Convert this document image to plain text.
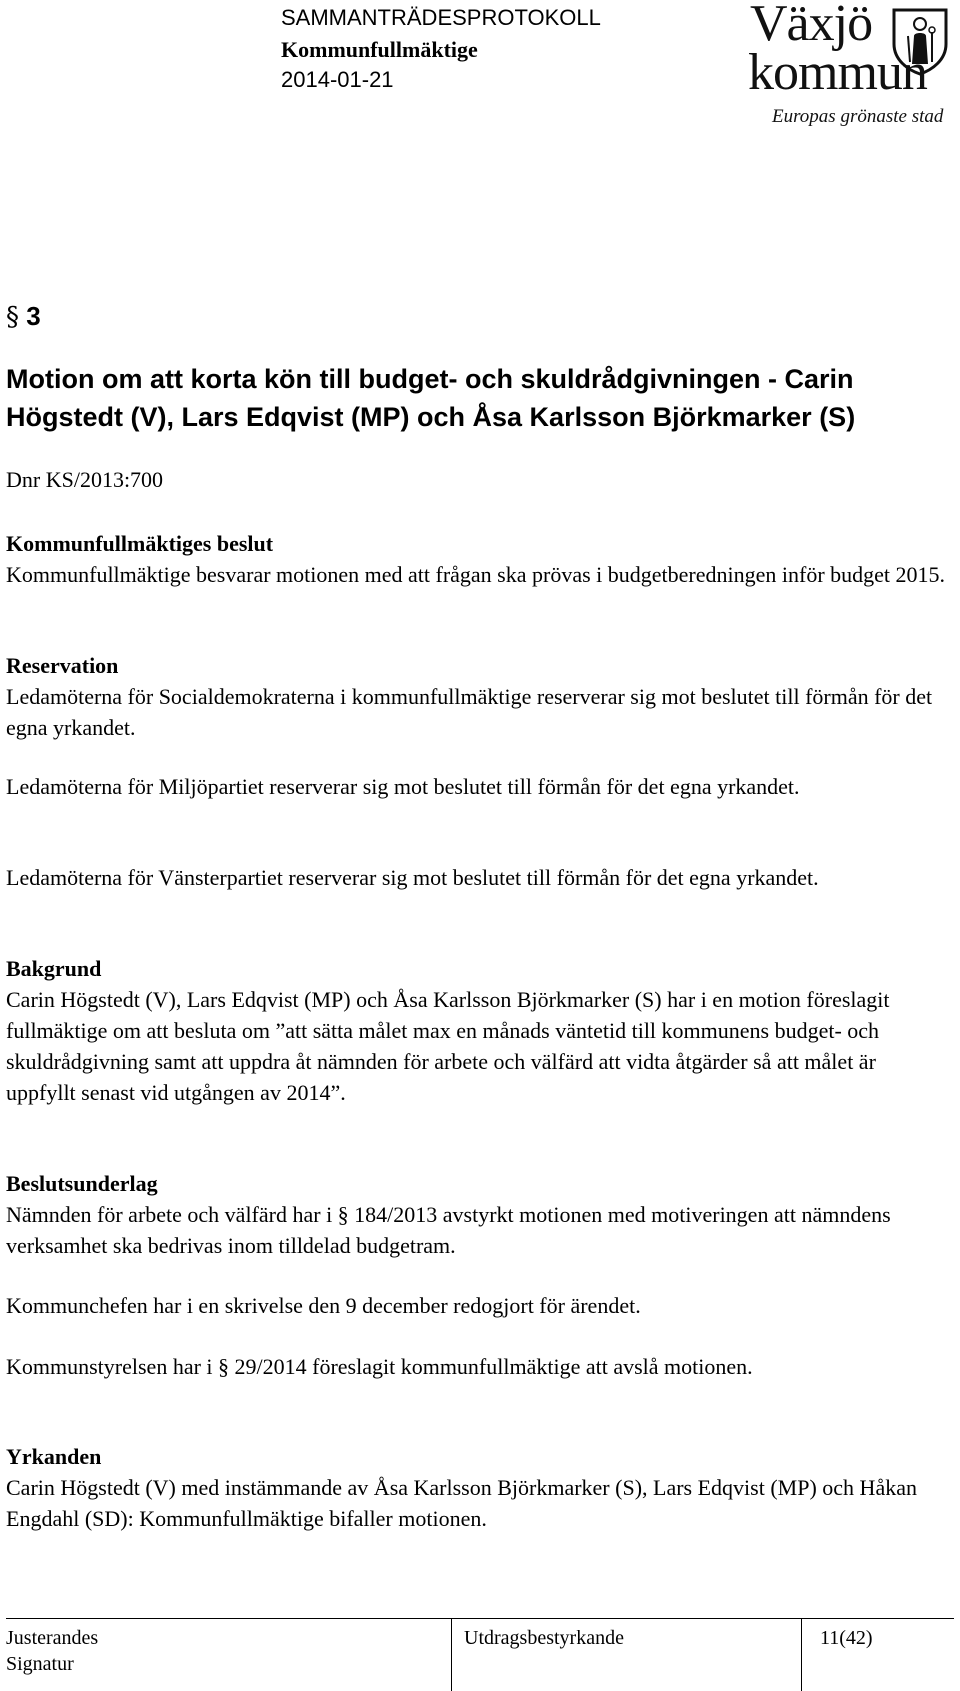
SAMMANTRÄDESPROTOKOLL
Kommunfullmäktige
2014-01-21
Växjö
kommun
Europas grönaste stad
§ 3
Motion om att korta kön till budget- och skuldrådgivningen - Carin Högstedt (V), Lars Edqvist (MP) och Åsa Karlsson Björkmarker (S)
Dnr KS/2013:700
Kommunfullmäktiges beslut
Kommunfullmäktige besvarar motionen med att frågan ska prövas i budgetberedningen inför budget 2015.
Reservation
Ledamöterna för Socialdemokraterna i kommunfullmäktige reserverar sig mot beslutet till förmån för det egna yrkandet.
Ledamöterna för Miljöpartiet reserverar sig mot beslutet till förmån för det egna yrkandet.
Ledamöterna för Vänsterpartiet reserverar sig mot beslutet till förmån för det egna yrkandet.
Bakgrund
Carin Högstedt (V), Lars Edqvist (MP) och Åsa Karlsson Björkmarker (S) har i en motion föreslagit fullmäktige om att besluta om ”att sätta målet max en månads väntetid till kommunens budget- och skuldrådgivning samt att uppdra åt nämnden för arbete och välfärd att vidta åtgärder så att målet är uppfyllt senast vid utgången av 2014”.
Beslutsunderlag
Nämnden för arbete och välfärd har i § 184/2013 avstyrkt motionen med motiveringen att nämndens verksamhet ska bedrivas inom tilldelad budgetram.
Kommunchefen har i en skrivelse den 9 december redogjort för ärendet.
Kommunstyrelsen har i § 29/2014 föreslagit kommunfullmäktige att avslå motionen.
Yrkanden
Carin Högstedt (V) med instämmande av Åsa Karlsson Björkmarker (S), Lars Edqvist (MP) och Håkan Engdahl (SD): Kommunfullmäktige bifaller motionen.
Justerandes
Signatur
Utdragsbestyrkande	11(42)
